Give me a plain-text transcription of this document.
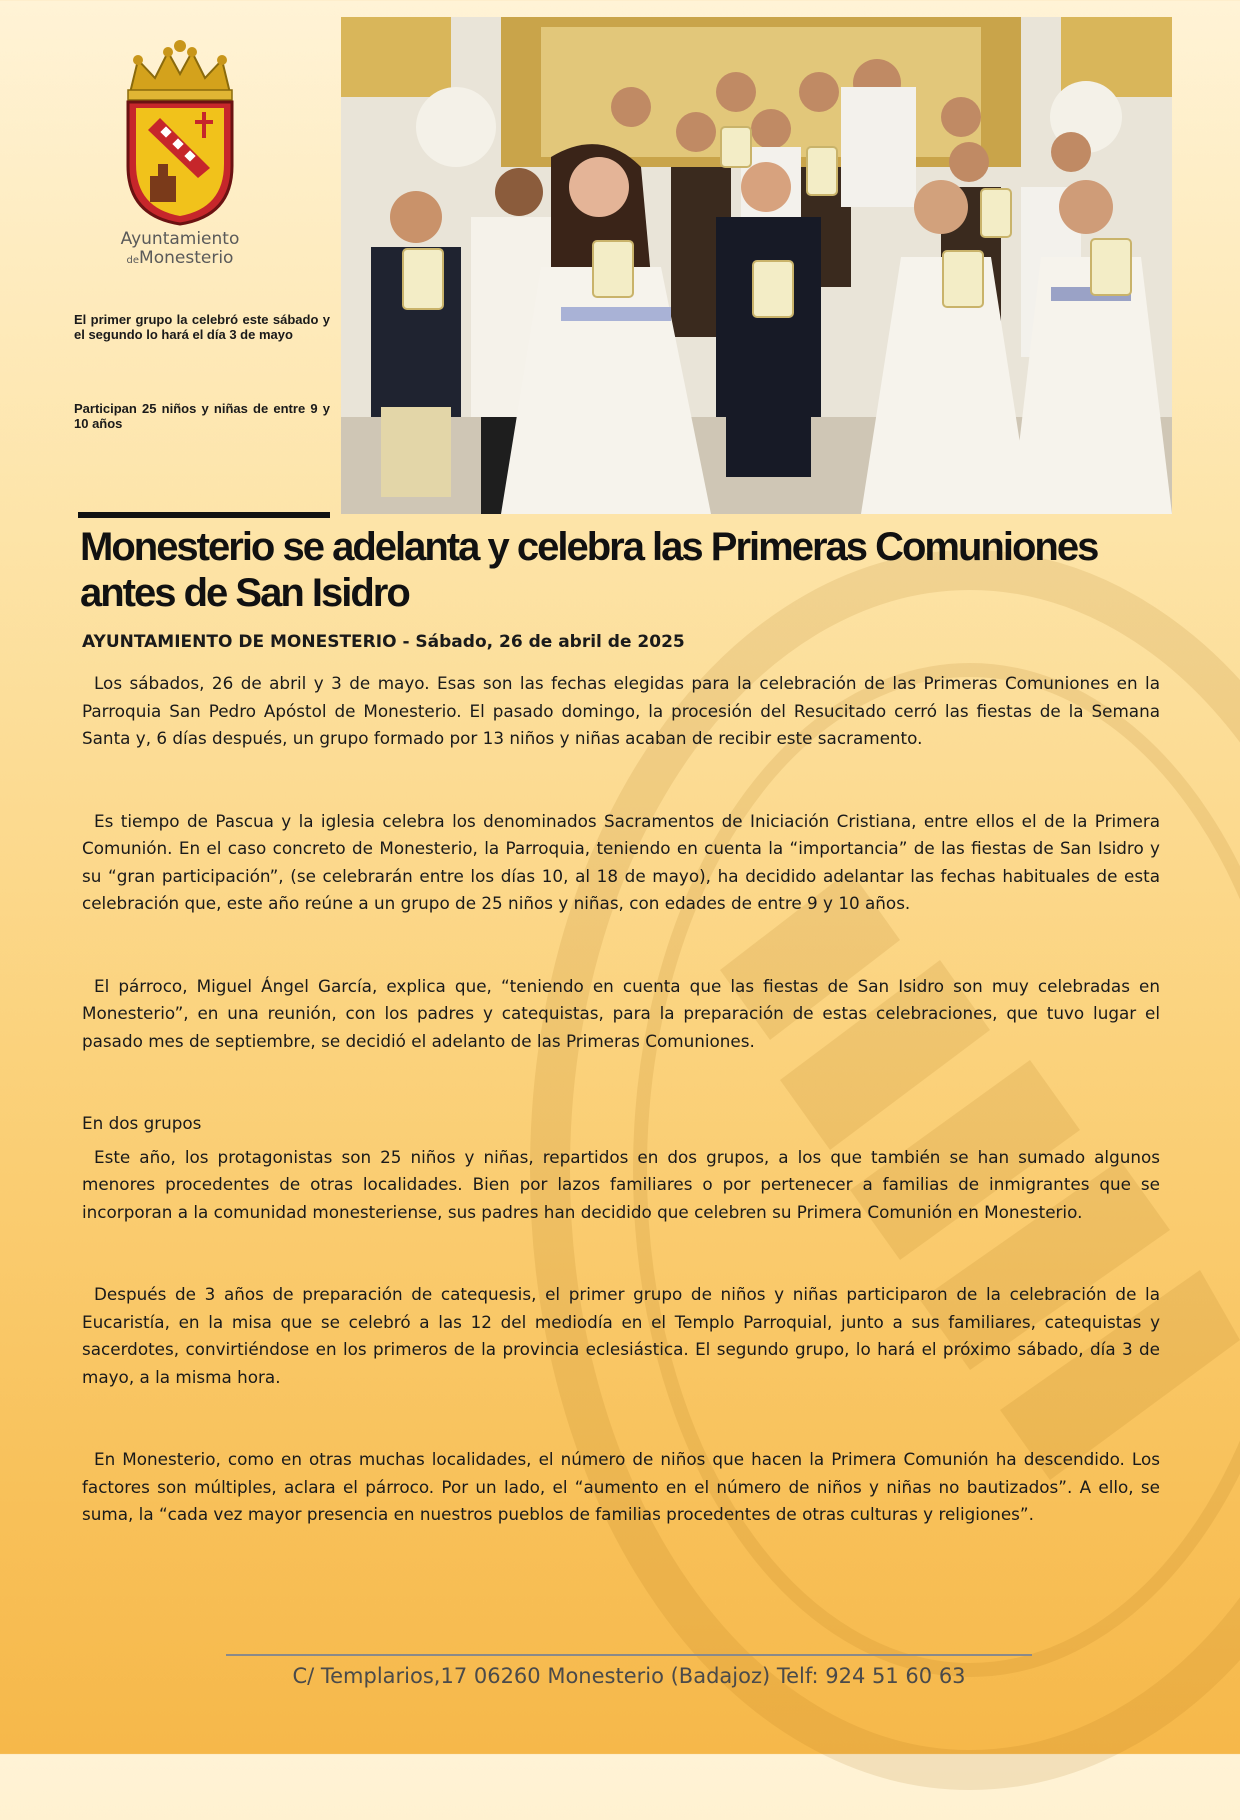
Ayuntamiento
deMonesterio
El primer grupo la celebró este sábado y el segundo lo hará el día 3 de mayo
Participan 25 niños y niñas de entre 9 y 10 años
Monesterio se adelanta y celebra las Primeras Comuniones antes de San Isidro

AYUNTAMIENTO DE MONESTERIO - Sábado, 26 de abril de 2025

Los sábados, 26 de abril y 3 de mayo. Esas son las fechas elegidas para la celebración de las Primeras Comuniones en la Parroquia San Pedro Apóstol de Monesterio. El pasado domingo, la procesión del Resucitado cerró las fiestas de la Semana Santa y, 6 días después, un grupo formado por 13 niños y niñas acaban de recibir este sacramento.

Es tiempo de Pascua y la iglesia celebra los denominados Sacramentos de Iniciación Cristiana, entre ellos el de la Primera Comunión. En el caso concreto de Monesterio, la Parroquia, teniendo en cuenta la “importancia” de las fiestas de San Isidro y su “gran participación”, (se celebrarán entre los días 10, al 18 de mayo), ha decidido adelantar las fechas habituales de esta celebración que, este año reúne a un grupo de 25 niños y niñas, con edades de entre 9 y 10 años.

El párroco, Miguel Ángel García, explica que, “teniendo en cuenta que las fiestas de San Isidro son muy celebradas en Monesterio”, en una reunión, con los padres y catequistas, para la preparación de estas celebraciones, que tuvo lugar el pasado mes de septiembre, se decidió el adelanto de las Primeras Comuniones.

En dos grupos

Este año, los protagonistas son 25 niños y niñas, repartidos en dos grupos, a los que también se han sumado algunos menores procedentes de otras localidades. Bien por lazos familiares o por pertenecer a familias de inmigrantes que se incorporan a la comunidad monesteriense, sus padres han decidido que celebren su Primera Comunión en Monesterio.

Después de 3 años de preparación de catequesis, el primer grupo de niños y niñas participaron de la celebración de la Eucaristía, en la misa que se celebró a las 12 del mediodía en el Templo Parroquial, junto a sus familiares, catequistas y sacerdotes, convirtiéndose en los primeros de la provincia eclesiástica. El segundo grupo, lo hará el próximo sábado, día 3 de mayo, a la misma hora.

En Monesterio, como en otras muchas localidades, el número de niños que hacen la Primera Comunión ha descendido. Los factores son múltiples, aclara el párroco. Por un lado, el “aumento en el número de niños y niñas no bautizados”. A ello, se suma, la “cada vez mayor presencia en nuestros pueblos de familias procedentes de otras culturas y religiones”.

C/ Templarios,17 06260 Monesterio (Badajoz) Telf: 924 51 60 63
